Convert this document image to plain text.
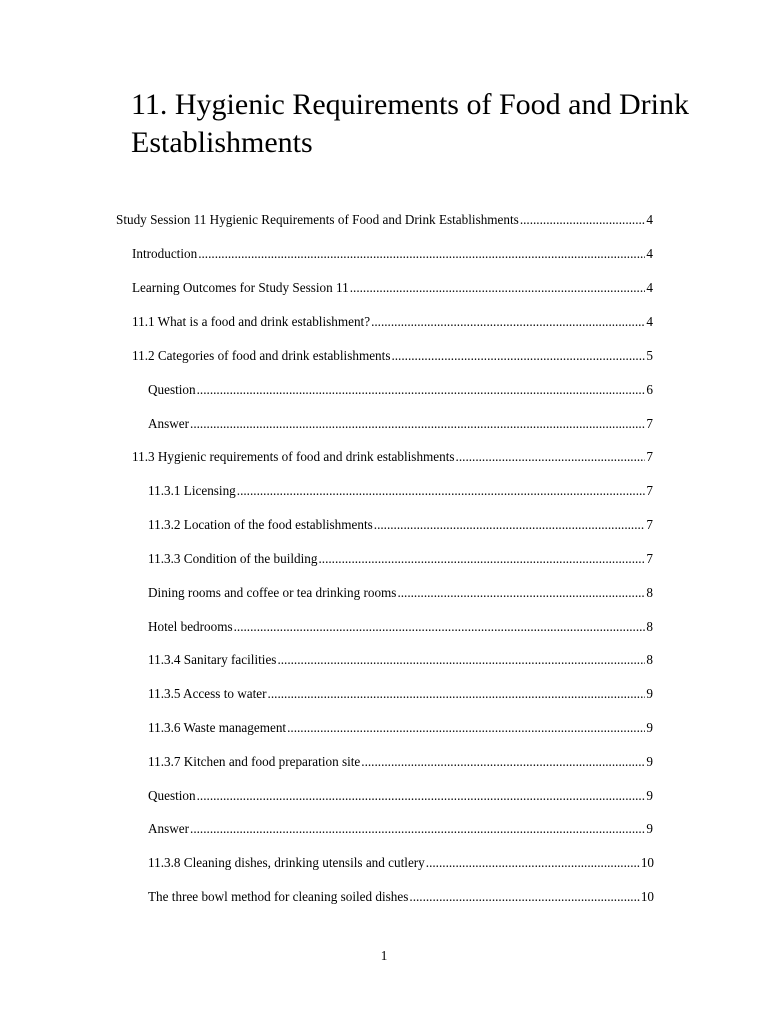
11. Hygienic Requirements of Food and Drink Establishments
Study Session 11 Hygienic Requirements of Food and Drink Establishments .....	4
Introduction .....	4
Learning Outcomes for Study Session 11 .....	4
11.1 What is a food and drink establishment? .....	4
11.2 Categories of food and drink establishments .....	5
Question .....	6
Answer .....	7
11.3 Hygienic requirements of food and drink establishments .....	7
11.3.1 Licensing .....	7
11.3.2 Location of the food establishments .....	7
11.3.3 Condition of the building .....	7
Dining rooms and coffee or tea drinking rooms .....	8
Hotel bedrooms .....	8
11.3.4 Sanitary facilities .....	8
11.3.5 Access to water .....	9
11.3.6 Waste management .....	9
11.3.7 Kitchen and food preparation site .....	9
Question .....	9
Answer .....	9
11.3.8 Cleaning dishes, drinking utensils and cutlery .....	10
The three bowl method for cleaning soiled dishes .....	10
1
